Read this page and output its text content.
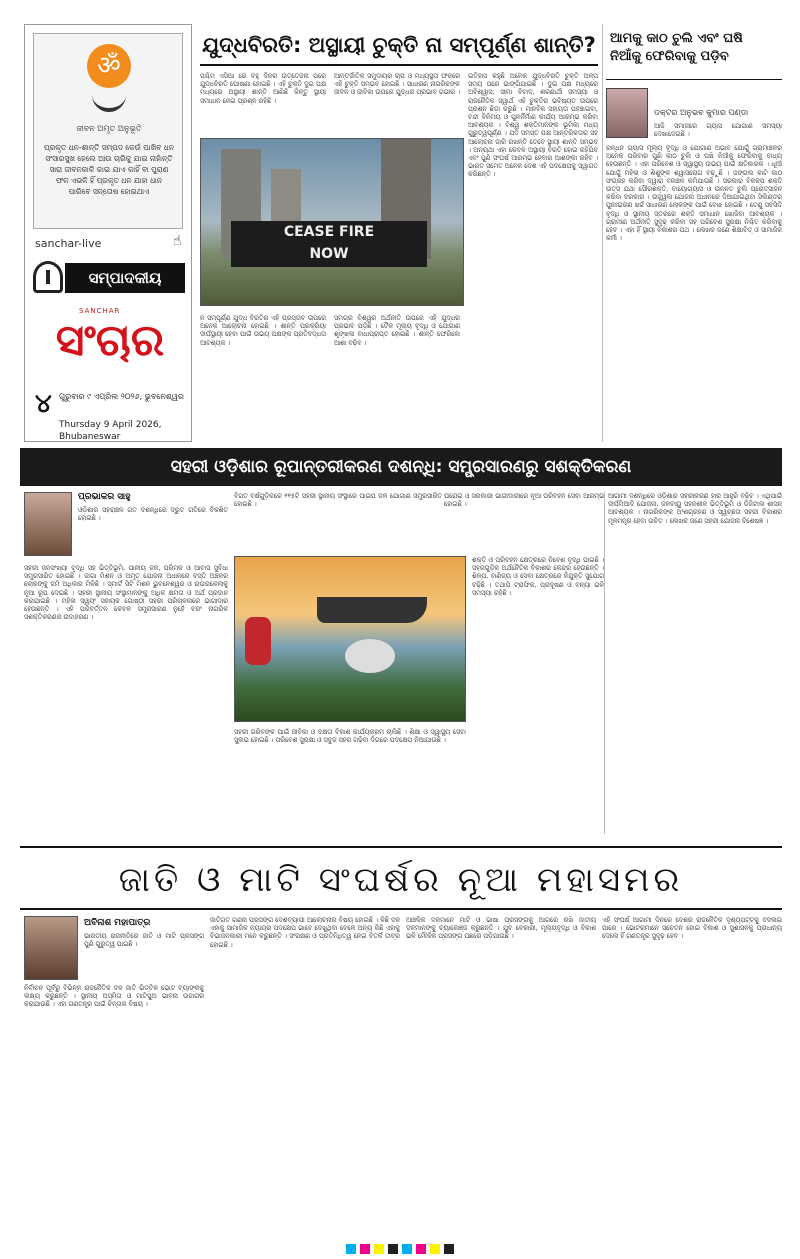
ॐ
ଜୀବନ ଅମୃତ ଅନୁଭୂତି
ପ୍ରକୃତ ଧନ-ଶାନ୍ତି ସମ୍ପଦ କେଉଁ ପାଖିବ ଧନ ସଂସାରସୁଖ ହେଲେ ଆଉ ଚାରିକୁ ଯାଇ ନାହାଁନ୍ତି ସାରା ଜୀବନକାଳି କାଇ ଯାଏ କାହିଁ ବା ପୁରାଣ ଫଳ ଏଭଳି ହିଁ ପ୍ରକୃତ ଧନ ଯାହା ଧାନ ପାରିବେ ସନ୍ତୋଷ ହୋଇଥାଏ
sanchar-live	☝
ସମ୍ପାଦକୀୟ
SANCHAR
ସଂଚାର
୪ ଗୁରୁବାର ୯ ଏପ୍ରିଲ ୨୦୨୬, ଭୁବନେଶ୍ୱର
Thursday 9 April 2026, Bhubaneswar
ଯୁଦ୍ଧବିରତି: ଅସ୍ଥାୟୀ ଚୁକ୍ତି ନା ସମ୍ପୂର୍ଣ୍ଣ ଶାନ୍ତି?
ପଶ୍ଚିମ ଏସିଆ ରେ ବହୁ ଦିନର ଉତ୍ତେଜନା ପରେ ଯୁଦ୍ଧବିରତି ଘୋଷଣା ହୋଇଛି । ଏହି ଚୁକ୍ତି ଦୁଇ ପକ୍ଷ ମଧ୍ୟରେ ଅସ୍ଥାୟୀ ଶାନ୍ତି ଆଣିଛି କିନ୍ତୁ ସ୍ଥାୟୀ ସମାଧାନ ନେଇ ପ୍ରଶ୍ନ ରହିଛି ।
ଆନ୍ତର୍ଜାତିକ ସମୁଦାୟର ଚାପ ଓ ମଧ୍ୟସ୍ଥତା ଫଳରେ ଏହି ଚୁକ୍ତି ସମ୍ଭବ ହୋଇଛି । ସାଧାରଣ ନାଗରିକଙ୍କ ଜୀବନ ଓ ଜୀବିକା ଉପରେ ଯୁଦ୍ଧର ପ୍ରଭାବ ଗଭୀର ।
CEASE FIRE
NOW
ଇତିହାସ କହୁଛି ଅନେକ ଯୁଦ୍ଧବିରତି ଚୁକ୍ତି ଅଳ୍ପ ସମୟ ପରେ ଭାଙ୍ଗିଯାଇଛି । ଦୁଇ ପକ୍ଷ ମଧ୍ୟରେ ଅବିଶ୍ୱାସ, ସୀମା ବିବାଦ, ଶରଣାର୍ଥୀ ସମସ୍ୟା ଓ ରାଜନୈତିକ ସ୍ୱାର୍ଥ ଏହି ଚୁକ୍ତିର ଭବିଷ୍ୟତ ଉପରେ ପ୍ରଶ୍ନ ଛିଡ଼ା କରୁଛି । ମାନବିକ ସହାୟତା ପହଞ୍ଚାଇବା, ବନ୍ଦୀ ବିନିମୟ ଓ ପୁନର୍ନିର୍ମାଣ କାର୍ଯ୍ୟ ଆରମ୍ଭ କରିବା ଆବଶ୍ୟକ । ବିଶ୍ୱ ଶକ୍ତିମାନଙ୍କ ଭୂମିକା ମଧ୍ୟ ଗୁରୁତ୍ୱପୂର୍ଣ୍ଣ । ଯଦି ସମସ୍ତ ପକ୍ଷ ଆନ୍ତରିକତାର ସହ ଆଲୋଚନା ଜାରି ରଖନ୍ତି ତେବେ ସ୍ଥାୟୀ ଶାନ୍ତି ସମ୍ଭବ । ଅନ୍ୟଥା ଏହା କେବଳ ଅସ୍ଥାୟୀ ବିରତି ହୋଇ ରହିଯିବ ଏବଂ ପୁଣି ସଂଘର୍ଷ ଆରମ୍ଭ ହେବାର ଆଶଙ୍କା ରହିବ । ଭାରତ ସମେତ ଅନେକ ଦେଶ ଏହି ପଦକ୍ଷେପକୁ ସ୍ୱାଗତ କରିଛନ୍ତି ।
ନ ସମ୍ପୂର୍ଣ୍ଣ ଯୁଦ୍ଧ ବିରତିର ଏହି ପ୍ରସ୍ତାବ ଉପରେ ଅନେକ ଆଲୋଚନା ହୋଇଛି । ଶାନ୍ତି ପ୍ରକ୍ରିୟା ଦୀର୍ଘସ୍ଥାୟୀ ହେବା ପାଇଁ ଉଭୟ ପକ୍ଷଙ୍କ ପ୍ରତିବଦ୍ଧତା ଆବଶ୍ୟକ ।
ସମଗ୍ର ବିଶ୍ୱର ଅର୍ଥନୀତି ଉପରେ ଏହି ଯୁଦ୍ଧର ପ୍ରଭାବ ପଡ଼ିଛି । ତୈଳ ମୂଲ୍ୟ ବୃଦ୍ଧି ଓ ଯୋଗାଣ ଶୃଙ୍ଖଳା ବାଧାପ୍ରାପ୍ତ ହୋଇଛି । ଶାନ୍ତି ଫେରିଲେ ଆଶା ବଢ଼ିବ ।
ଆମକୁ କାଠ ଚୁଲି ଏବଂ ଘଷି ନିଆଁକୁ ଫେରିବାକୁ ପଡ଼ିବ
ଡକ୍ଟର ଅନୁଭବ କୁମାର ପଣ୍ଡା
ଆଜି ସମାଜରେ ଗ୍ୟାସ ଯୋଗାଣ ସମସ୍ୟା ଦେଖାଦେଇଛି ।
ରନ୍ଧନ ଗ୍ୟାସ ମୂଲ୍ୟ ବୃଦ୍ଧି ଓ ଯୋଗାଣ ଅଭାବ ଯୋଗୁଁ ଗ୍ରାମାଞ୍ଚଳର ଅନେକ ପରିବାର ପୁଣି କାଠ ଚୁଲି ଓ ଘଷି ନିଆଁକୁ ଫେରିବାକୁ ବାଧ୍ୟ ହେଉଛନ୍ତି । ଏହା ପରିବେଶ ଓ ସ୍ୱାସ୍ଥ୍ୟ ଉଭୟ ପାଇଁ କ୍ଷତିକାରକ । ଧୂଆଁ ଯୋଗୁଁ ମହିଳା ଓ ଶିଶୁଙ୍କ ଶ୍ୱାସରୋଗ ବଢ଼ୁଛି । ଜଙ୍ଗଲ କାଟି କାଠ ସଂଗ୍ରହ କରିବା ଦ୍ୱାରା ବନାଞ୍ଚଳ କମିଯାଉଛି । ସରକାର ବିକଳ୍ପ ଶକ୍ତି ଉତ୍ସ ଯଥା ସୌରଶକ୍ତି, ବାୟୋଗ୍ୟାସ ଓ ଉନ୍ନତ ଚୁଲି ପ୍ରୋତ୍ସାହନ କରିବା ଦରକାର । ଉଜ୍ଜ୍ୱଳା ଯୋଜନା ଅଧୀନରେ ଦିଆଯାଇଥିବା ସିଲିଣ୍ଡର ପୁନଃଭରଣ ଖର୍ଚ୍ଚ ସାଧାରଣ ଲୋକଙ୍କ ପାଇଁ ବୋଝ ହୋଇଛି । ତେଣୁ ସବସିଡି ବୃଦ୍ଧି ଓ ସ୍ଥାନୀୟ ସ୍ତରରେ ଶକ୍ତି ସମାଧାନ ଖୋଜିବା ଆବଶ୍ୟକ । ଗ୍ରାମୀଣ ଅର୍ଥନୀତି ସୁଦୃଢ଼ କରିବା ସହ ପରିବେଶ ସୁରକ୍ଷା ନିଶ୍ଚିତ କରିବାକୁ ହେବ । ଏହା ହିଁ ସ୍ଥାୟୀ ବିକାଶର ପଥ । ଲେଖକ ଜଣେ ଶିକ୍ଷାବିତ୍ ଓ ସାମାଜିକ କର୍ମୀ ।
ସହରୀ ଓଡ଼ିଶାର ରୂପାନ୍ତରୀକରଣ ଦଶନ୍ଧି: ସମ୍ପ୍ରସାରଣରୁ ସଶକ୍ତିକରଣ
ପ୍ରଭାକର ସାହୁ
ଓଡ଼ିଶାର ସହରାଞ୍ଚଳ ଗତ ଦଶନ୍ଧିରେ ଦ୍ରୁତ ଗତିରେ ବିକଶିତ ହୋଇଛି ।
ସହରୀ ଜନସଂଖ୍ୟା ବୃଦ୍ଧି ସହ ଭିତ୍ତିଭୂମି, ପାନୀୟ ଜଳ, ପରିମଳ ଓ ଆବାସ ସୁବିଧା ସମ୍ପ୍ରସାରିତ ହୋଇଛି । ଜାଗା ମିଶନ ଓ ଅମୃତ ଯୋଜନା ଅଧୀନରେ ବସ୍ତି ଅଞ୍ଚଳର ଲୋକଙ୍କୁ ଜମି ଅଧିକାର ମିଳିଛି । ସ୍ମାର୍ଟ ସିଟି ମିଶନ ଭୁବନେଶ୍ୱର ଓ ରାଉରକେଲାକୁ ନୂଆ ରୂପ ଦେଇଛି । ସହରୀ ସ୍ଥାନୀୟ ସଂସ୍ଥାମାନଙ୍କୁ ଅଧିକ କ୍ଷମତା ଓ ଅର୍ଥ ପ୍ରଦାନ କରାଯାଇଛି । ମହିଳା ସ୍ୱୟଂ ସହାୟକ ଗୋଷ୍ଠୀ ସହରୀ ପରିଚାଳନାରେ ଭାଗୀଦାର ହେଉଛନ୍ତି । ଏହି ପରିବର୍ତ୍ତନ କେବଳ ସମ୍ପ୍ରସାରଣ ନୁହେଁ ବରଂ ନାଗରିକ ସଶକ୍ତିକରଣର ଉଦାହରଣ ।
ବିଗତ ବର୍ଷଗୁଡ଼ିକରେ ୧୧୫ଟି ସହରୀ ସ୍ଥାନୀୟ ସଂସ୍ଥାରେ ପାଇପ ଜଳ ଯୋଗାଣ ସମ୍ପ୍ରସାରିତ ହୋଇଛି ।
ଘରୋଇ ଓ ସରକାରୀ ଭାଗୀଦାରୀରେ ନୂଆ ପରିବହନ ସେବା ଆରମ୍ଭ ହୋଇଛି ।
ଶକ୍ତି ଓ ପରିବହନ କ୍ଷେତ୍ରରେ ନିବେଶ ବୃଦ୍ଧି ପାଇଛି । ସହରଗୁଡ଼ିକ ଅର୍ଥନୈତିକ ବିକାଶର କେନ୍ଦ୍ର ହେଉଛନ୍ତି । ଶିଳ୍ପ, ବାଣିଜ୍ୟ ଓ ସେବା କ୍ଷେତ୍ରରେ ନିଯୁକ୍ତି ସୁଯୋଗ ବଢ଼ିଛି । ତଥାପି ଟ୍ରାଫିକ, ପ୍ରଦୂଷଣ ଓ ବନ୍ୟା ଭଳି ସମସ୍ୟା ରହିଛି ।
ସହରୀ ଗରିବଙ୍କ ପାଇଁ ଜୀବିକା ଓ ଦକ୍ଷତା ବିକାଶ କାର୍ଯ୍ୟକ୍ରମ ଚାଲିଛି । ଶିକ୍ଷା ଓ ସ୍ୱାସ୍ଥ୍ୟ ସେବା ସୁଲଭ ହୋଇଛି । ପରିବେଶ ସୁରକ୍ଷା ଓ ସବୁଜ ସହର ଗଢ଼ିବା ଦିଗରେ ପଦକ୍ଷେପ ନିଆଯାଉଛି ।
ଆଗାମୀ ଦଶନ୍ଧିରେ ଓଡ଼ିଶାର ସହରୀକରଣ ହାର ଆହୁରି ବଢ଼ିବ । ଏଥିପାଇଁ ଦୀର୍ଘମିଆଦି ଯୋଜନା, ଜଳବାୟୁ ସହନଶୀଳ ଭିତ୍ତିଭୂମି ଓ ଡିଜିଟାଲ ଶାସନ ଆବଶ୍ୟକ । ନାଗରିକଙ୍କ ଅଂଶଗ୍ରହଣ ଓ ସ୍ୱଚ୍ଛତା ସହରୀ ବିକାଶର ମୂଳମନ୍ତ୍ର ହେବା ଉଚିତ । ଲେଖକ ଜଣେ ସହରୀ ଯୋଜନା ବିଶେଷଜ୍ଞ ।
ଜାତି ଓ ମାଟି ସଂଘର୍ଷର ନୂଆ ମହାସମର
ଅବିନାଶ ମହାପାତ୍ର
ଭାରତୀୟ ରାଜନୀତିରେ ଜାତି ଓ ମାଟି ପ୍ରସଙ୍ଗ ପୁଣି ଗୁରୁତ୍ୱ ପାଇଛି ।
ନିର୍ବାଚନ ପୂର୍ବରୁ ବିଭିନ୍ନ ରାଜନୈତିକ ଦଳ ଜାତି ଭିତ୍ତିକ ଭୋଟ ବ୍ୟାଙ୍କକୁ ଲକ୍ଷ୍ୟ କରୁଛନ୍ତି । ସ୍ଥାନୀୟ ଅସ୍ମିତା ଓ ମାଟିପୁଅ ଭାବନା ଉଜାଗର କରାଯାଉଛି । ଏହା ଗଣତନ୍ତ୍ର ପାଇଁ ଚିନ୍ତାର ବିଷୟ ।
ଜାତିଗତ ଗଣନା ପ୍ରସଙ୍ଗ ଦେଶବ୍ୟାପୀ ଆଲୋଚନାର ବିଷୟ ହୋଇଛି । କିଛି ଦଳ ଏହାକୁ ସାମାଜିକ ନ୍ୟାୟର ପଦକ୍ଷେପ ଭାବେ ଦେଖୁଥିବା ବେଳେ ଅନ୍ୟ କିଛି ଏହାକୁ ବିଭାଜନକାରୀ ମନେ କରୁଛନ୍ତି । ସଂରକ୍ଷଣ ଓ ପ୍ରତିନିଧିତ୍ୱ ନେଇ ବିତର୍କ ତୀବ୍ର ହୋଇଛି ।
ଆଞ୍ଚଳିକ ଦଳମାନେ ମାଟି ଓ ଭାଷା ପ୍ରସଙ୍ଗକୁ ଆଗରେ ରଖି ଜାତୀୟ ଦଳମାନଙ୍କୁ ଚ୍ୟାଲେଞ୍ଜ କରୁଛନ୍ତି । ଯୁବ ବେକାରୀ, ମୂଲ୍ୟବୃଦ୍ଧି ଓ ବିକାଶ ଭଳି ମୌଳିକ ପ୍ରସଙ୍ଗ ପଛରେ ପଡ଼ିଯାଉଛି ।
ଏହି ସଂଘର୍ଷ ଆଗାମୀ ଦିନରେ ଦେଶର ରାଜନୈତିକ ଦୃଶ୍ୟପଟ୍ଟକୁ ବଦଳାଇ ପାରେ । ଭୋଟରମାନେ ସଚେତନ ହୋଇ ବିକାଶ ଓ ସୁଶାସନକୁ ପ୍ରାଧାନ୍ୟ ଦେଲେ ହିଁ ଗଣତନ୍ତ୍ର ସୁଦୃଢ଼ ହେବ ।
